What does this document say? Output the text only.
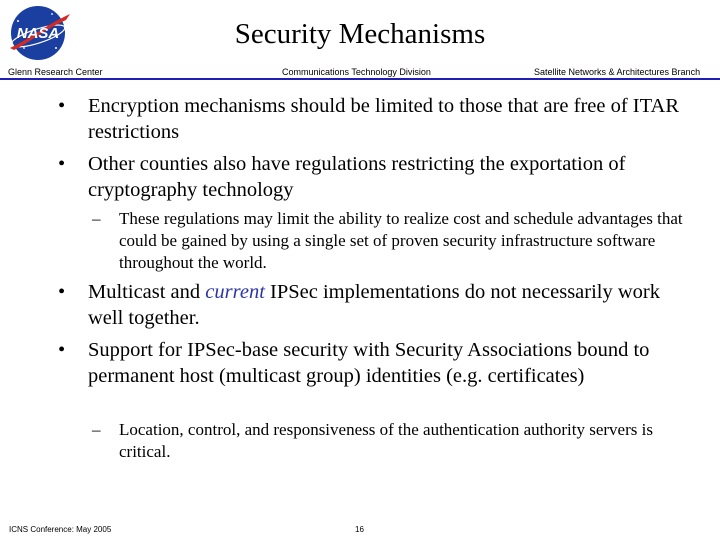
NASA	Security Mechanisms
Glenn Research Center	Communications Technology Division	Satellite Networks & Architectures Branch
• Encryption mechanisms should be limited to those that are free of ITAR restrictions
• Other counties also have regulations restricting the exportation of cryptography technology
– These regulations may limit the ability to realize cost and schedule advantages that could be gained by using a single set of proven security infrastructure software throughout the world.
• Multicast and current IPSec implementations do not necessarily work well together.
• Support for IPSec-base security with Security Associations bound to permanent host (multicast group) identities (e.g. certificates)
– Location, control, and responsiveness of the authentication authority servers is critical.
ICNS Conference: May 2005	16
